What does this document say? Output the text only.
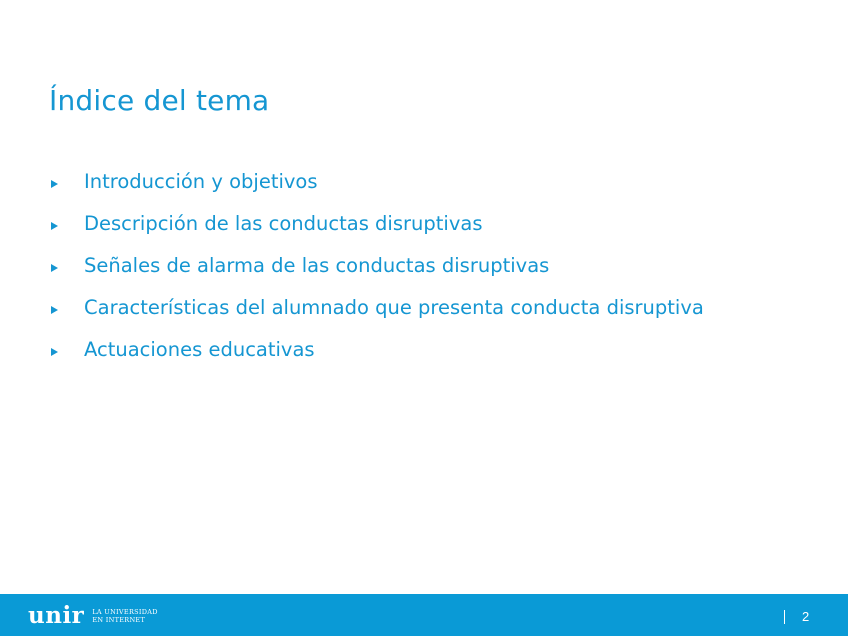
Índice del tema
Introducción y objetivos
Descripción de las conductas disruptivas
Señales de alarma de las conductas disruptivas
Características del alumnado que presenta conducta disruptiva
Actuaciones educativas
unir LA UNIVERSIDAD
EN INTERNET	2
